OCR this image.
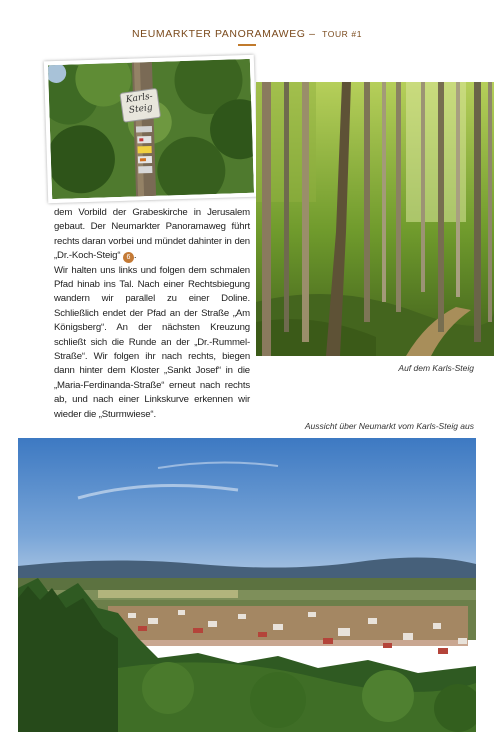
NEUMARKTER PANORAMAWEG – TOUR #1
Karls-
Steig

dem Vorbild der Grabeskirche in Jerusalem gebaut. Der Neumarkter Panoramaweg führt rechts daran vorbei und mündet dahinter in den „Dr.-Koch-Steig“ 6 .

Wir halten uns links und folgen dem schmalen Pfad hinab ins Tal. Nach einer Rechtsbiegung wandern wir parallel zu einer Doline. Schließlich endet der Pfad an der Straße „Am Königsberg“. An der nächsten Kreuzung schließt sich die Runde an der „Dr.-Rummel-Straße“. Wir folgen ihr nach rechts, biegen dann hinter dem Kloster „Sankt Josef“ in die „Maria-Ferdinanda-Straße“ erneut nach rechts ab, und nach einer Linkskurve erkennen wir wieder die „Sturmwiese“.

Auf dem Karls-Steig
Aussicht über Neumarkt vom Karls-Steig aus
